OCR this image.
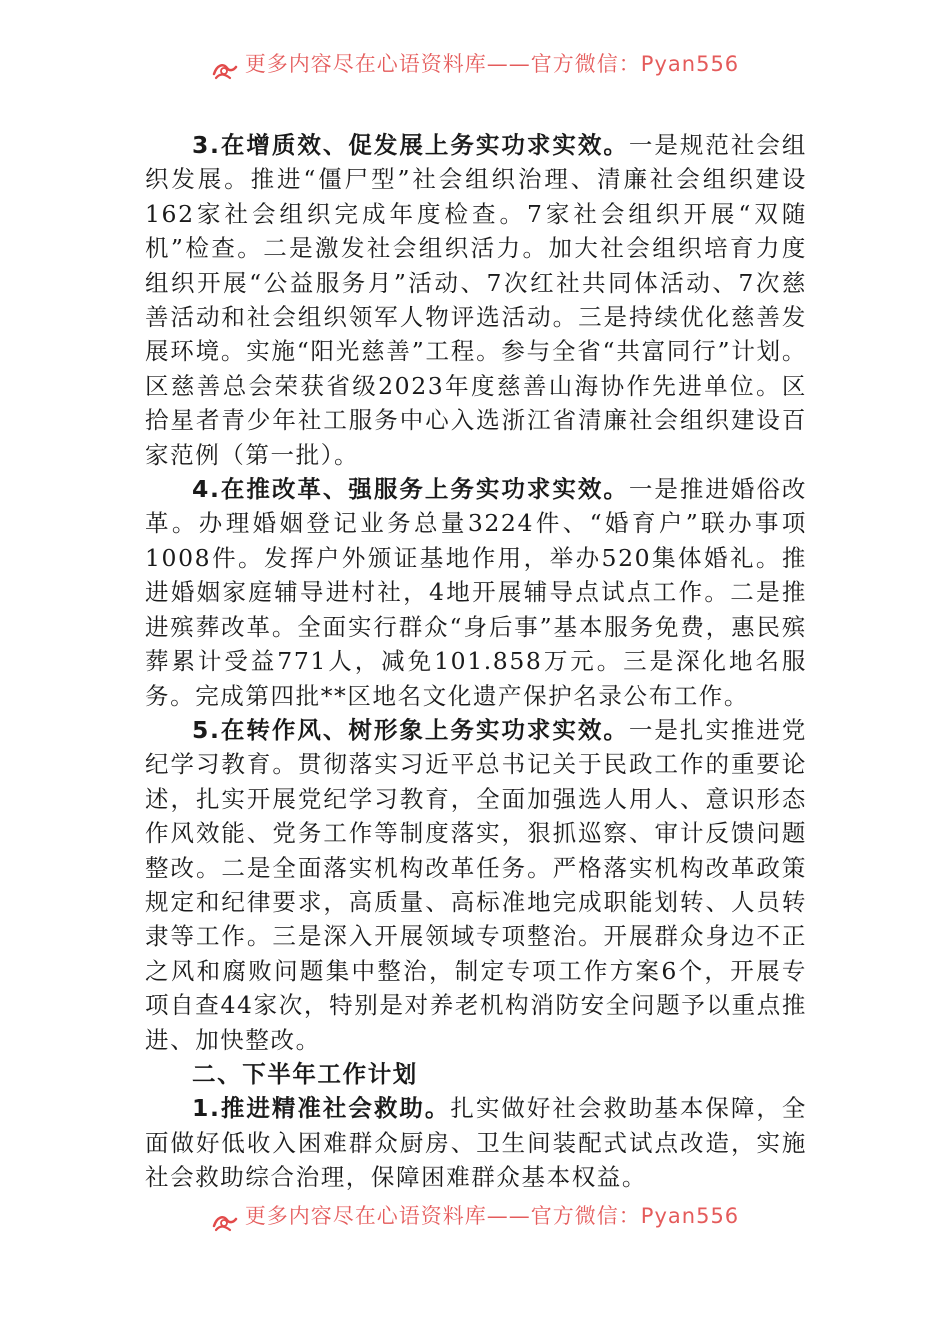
更多内容尽在心语资料库——官方微信：Pyan556

3.在增质效、促发展上务实功求实效。一是规范社会组织发展。推进“僵尸型”社会组织治理、清廉社会组织建设162家社会组织完成年度检查。7家社会组织开展“双随机”检查。二是激发社会组织活力。加大社会组织培育力度组织开展“公益服务月”活动、7次红社共同体活动、7次慈善活动和社会组织领军人物评选活动。三是持续优化慈善发展环境。实施“阳光慈善”工程。参与全省“共富同行”计划。区慈善总会荣获省级2023年度慈善山海协作先进单位。区拾星者青少年社工服务中心入选浙江省清廉社会组织建设百家范例（第一批）。

4.在推改革、强服务上务实功求实效。一是推进婚俗改革。办理婚姻登记业务总量3224件、“婚育户”联办事项1008件。发挥户外颁证基地作用，举办520集体婚礼。推进婚姻家庭辅导进村社，4地开展辅导点试点工作。二是推进殡葬改革。全面实行群众“身后事”基本服务免费，惠民殡葬累计受益771人，减免101.858万元。三是深化地名服务。完成第四批**区地名文化遗产保护名录公布工作。

5.在转作风、树形象上务实功求实效。一是扎实推进党纪学习教育。贯彻落实习近平总书记关于民政工作的重要论述，扎实开展党纪学习教育，全面加强选人用人、意识形态作风效能、党务工作等制度落实，狠抓巡察、审计反馈问题整改。二是全面落实机构改革任务。严格落实机构改革政策规定和纪律要求，高质量、高标准地完成职能划转、人员转隶等工作。三是深入开展领域专项整治。开展群众身边不正之风和腐败问题集中整治，制定专项工作方案6个，开展专项自查44家次，特别是对养老机构消防安全问题予以重点推进、加快整改。

二、下半年工作计划

1.推进精准社会救助。扎实做好社会救助基本保障，全面做好低收入困难群众厨房、卫生间装配式试点改造，实施社会救助综合治理，保障困难群众基本权益。

更多内容尽在心语资料库——官方微信：Pyan556
